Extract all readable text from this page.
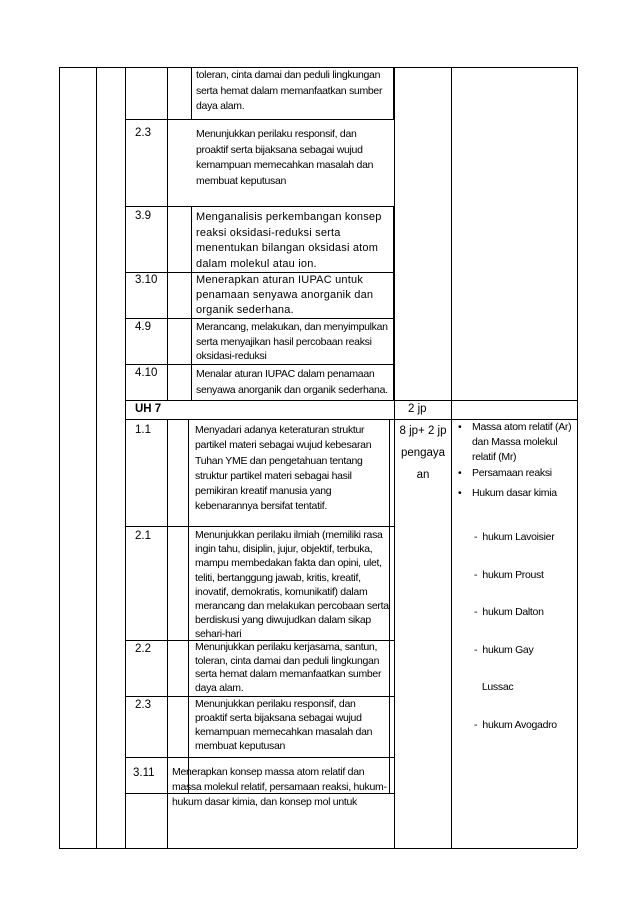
toleran, cinta damai dan peduli lingkungan
serta hemat dalam memanfaatkan sumber
daya alam.
2.3	Menunjukkan perilaku responsif, dan
proaktif serta bijaksana sebagai wujud
kemampuan memecahkan masalah dan
membuat keputusan
3.9	Menganalisis perkembangan konsep
reaksi oksidasi-reduksi serta
menentukan bilangan oksidasi atom
dalam molekul atau ion.
3.10	Menerapkan aturan IUPAC untuk
penamaan senyawa anorganik dan
organik sederhana.
4.9	Merancang, melakukan, dan menyimpulkan
serta menyajikan hasil percobaan reaksi
oksidasi-reduksi
4.10	Menalar aturan IUPAC dalam penamaan
senyawa anorganik dan organik sederhana.
UH 7	2 jp
1.1	Menyadari adanya keteraturan struktur
partikel materi sebagai wujud kebesaran
Tuhan YME dan pengetahuan tentang
struktur partikel materi sebagai hasil
pemikiran kreatif manusia yang
kebenarannya bersifat tentatif.
2.1	Menunjukkan perilaku ilmiah (memiliki rasa
ingin tahu, disiplin, jujur, objektif, terbuka,
mampu membedakan fakta dan opini, ulet,
teliti, bertanggung jawab, kritis, kreatif,
inovatif, demokratis, komunikatif) dalam
merancang dan melakukan percobaan serta
berdiskusi yang diwujudkan dalam sikap
sehari-hari
2.2	Menunjukkan perilaku kerjasama, santun,
toleran, cinta damai dan peduli lingkungan
serta hemat dalam memanfaatkan sumber
daya alam.
2.3	Menunjukkan perilaku responsif, dan
proaktif serta bijaksana sebagai wujud
kemampuan memecahkan masalah dan
membuat keputusan
3.11 Menerapkan konsep massa atom relatif dan
massa molekul relatif, persamaan reaksi, hukum-
hukum dasar kimia, dan konsep mol untuk
8 jp+ 2 jp
pengaya
an
• Massa atom relatif (Ar)
dan Massa molekul
relatif (Mr)
•	Persamaan reaksi
•	Hukum dasar kimia

-  hukum Lavoisier

-  hukum Proust

-  hukum Dalton

-  hukum Gay

Lussac

-  hukum Avogadro
